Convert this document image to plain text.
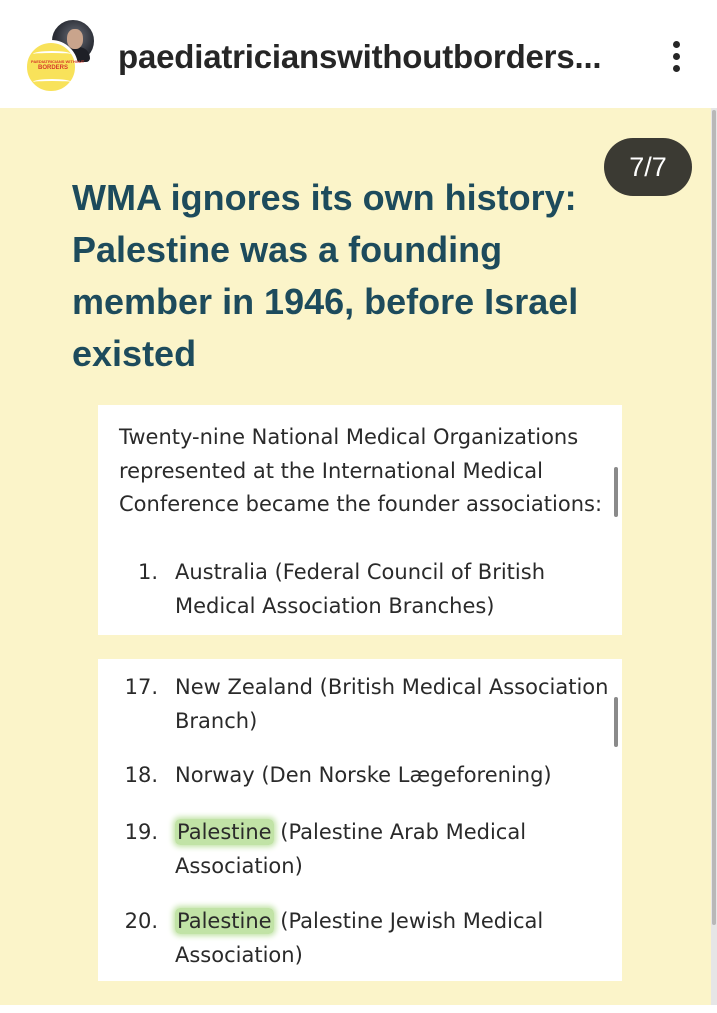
PAEDIATRICIANS WITHOUT
BORDERS paediatricianswithoutborders...
7/7
WMA ignores its own history: Palestine was a founding member in 1946, before Israel existed
Twenty-nine National Medical Organizations represented at the International Medical Conference became the founder associations:
1. Australia (Federal Council of British Medical Association Branches)
17. New Zealand (British Medical Association Branch)
18. Norway (Den Norske Lægeforening)
19. Palestine (Palestine Arab Medical Association)
20. Palestine (Palestine Jewish Medical Association)
